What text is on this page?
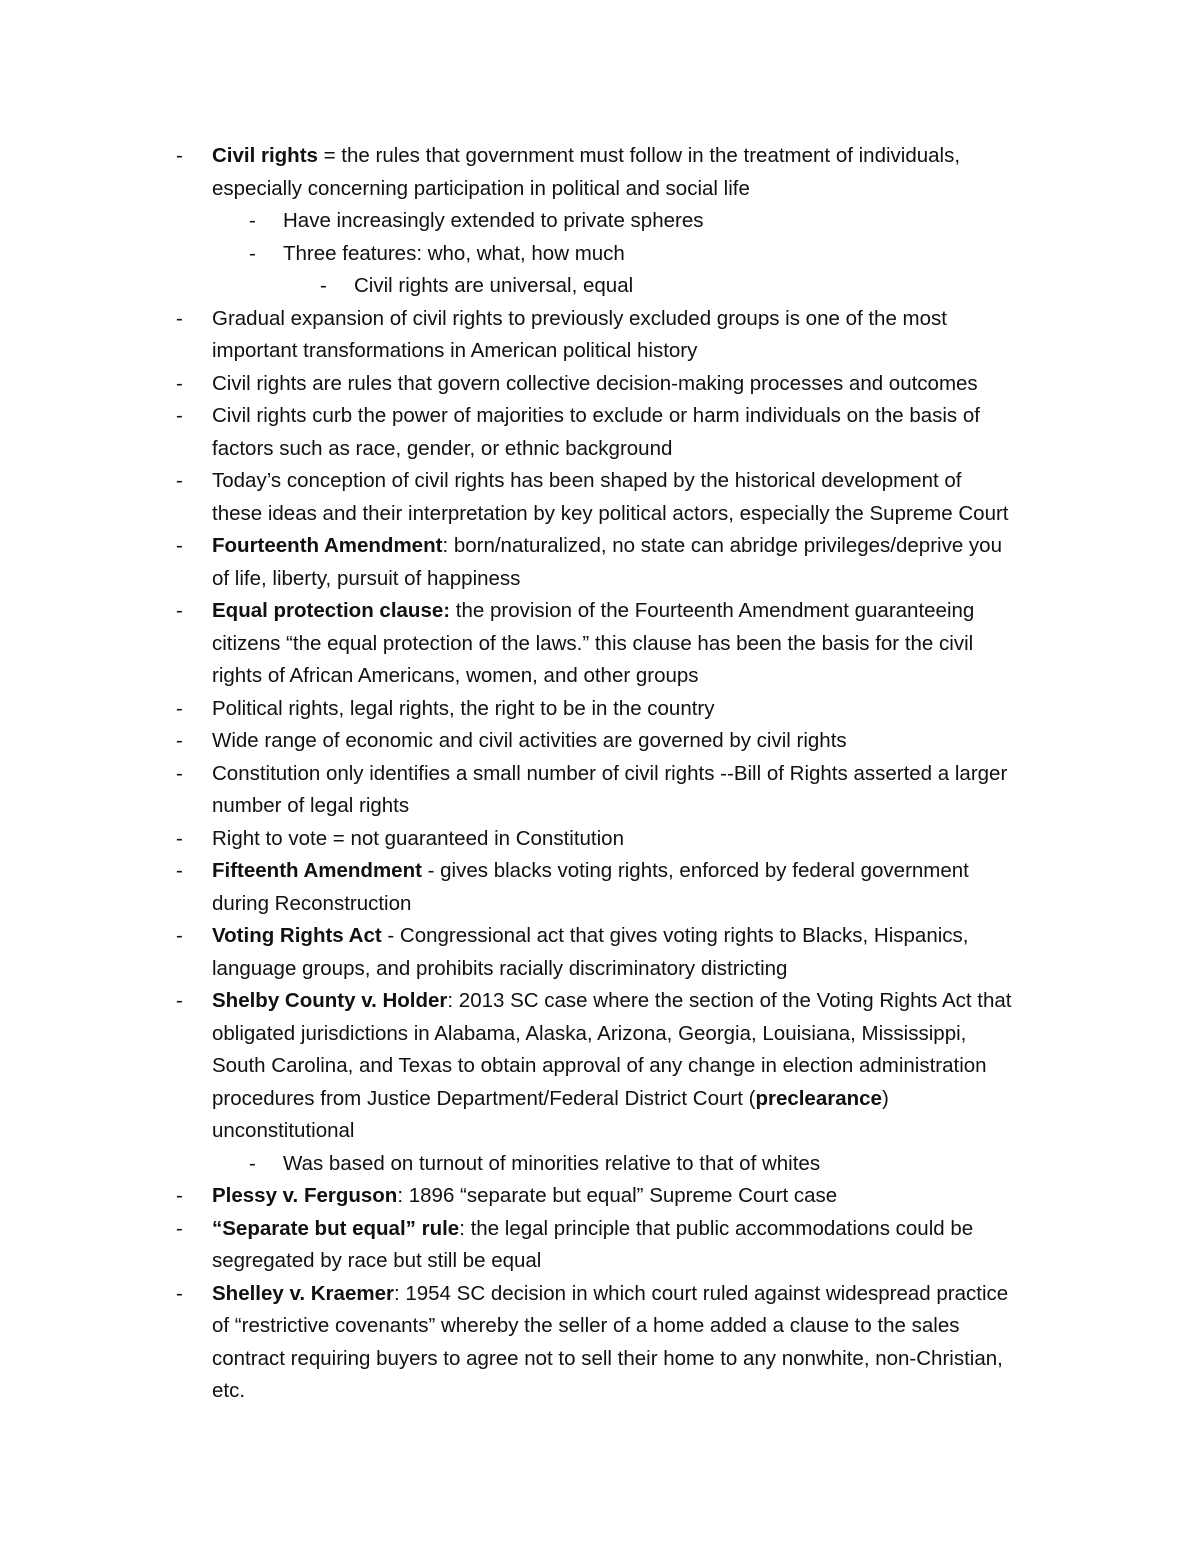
- Civil rights = the rules that government must follow in the treatment of individuals,
especially concerning participation in political and social life
- Have increasingly extended to private spheres
- Three features: who, what, how much
- Civil rights are universal, equal
- Gradual expansion of civil rights to previously excluded groups is one of the most
important transformations in American political history
- Civil rights are rules that govern collective decision-making processes and outcomes
- Civil rights curb the power of majorities to exclude or harm individuals on the basis of
factors such as race, gender, or ethnic background
- Today’s conception of civil rights has been shaped by the historical development of
these ideas and their interpretation by key political actors, especially the Supreme Court
- Fourteenth Amendment: born/naturalized, no state can abridge privileges/deprive you
of life, liberty, pursuit of happiness
- Equal protection clause: the provision of the Fourteenth Amendment guaranteeing
citizens “the equal protection of the laws.” this clause has been the basis for the civil
rights of African Americans, women, and other groups
- Political rights, legal rights, the right to be in the country
- Wide range of economic and civil activities are governed by civil rights
- Constitution only identifies a small number of civil rights --Bill of Rights asserted a larger
number of legal rights
- Right to vote = not guaranteed in Constitution
- Fifteenth Amendment - gives blacks voting rights, enforced by federal government
during Reconstruction
- Voting Rights Act - Congressional act that gives voting rights to Blacks, Hispanics,
language groups, and prohibits racially discriminatory districting
- Shelby County v. Holder: 2013 SC case where the section of the Voting Rights Act that
obligated jurisdictions in Alabama, Alaska, Arizona, Georgia, Louisiana, Mississippi,
South Carolina, and Texas to obtain approval of any change in election administration
procedures from Justice Department/Federal District Court (preclearance)
unconstitutional
- Was based on turnout of minorities relative to that of whites
- Plessy v. Ferguson: 1896 “separate but equal” Supreme Court case
- “Separate but equal” rule: the legal principle that public accommodations could be
segregated by race but still be equal
- Shelley v. Kraemer: 1954 SC decision in which court ruled against widespread practice
of “restrictive covenants” whereby the seller of a home added a clause to the sales
contract requiring buyers to agree not to sell their home to any nonwhite, non-Christian,
etc.
